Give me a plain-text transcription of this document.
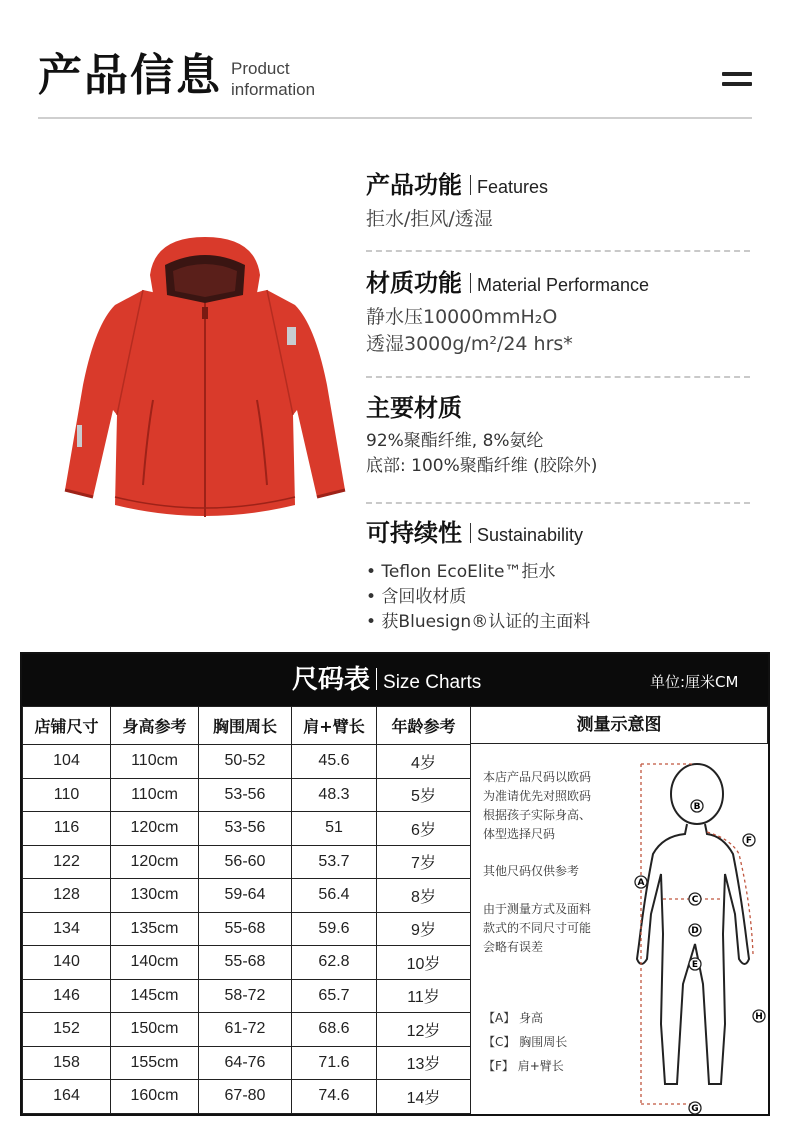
产品信息 Product
information
产品功能 Features
拒水/拒风/透湿
材质功能 Material Performance
静水压10000mmH₂O
透湿3000g/m²/24 hrs*
主要材质
92%聚酯纤维, 8%氨纶
底部: 100%聚酯纤维 (胶除外)
可持续性 Sustainability
• Teflon EcoElite™拒水
• 含回收材质
• 获Bluesign®认证的主面料
尺码表 Size Charts	单位:厘米CM
店铺尺寸	身高参考	胸围周长	肩+臂长	年龄参考
104	110cm	50-52	45.6	4岁
110	110cm	53-56	48.3	5岁
116	120cm	53-56	51	6岁
122	120cm	56-60	53.7	7岁
128	130cm	59-64	56.4	8岁
134	135cm	55-68	59.6	9岁
140	140cm	55-68	62.8	10岁
146	145cm	58-72	65.7	11岁
152	150cm	61-72	68.6	12岁
158	155cm	64-76	71.6	13岁
164	160cm	67-80	74.6	14岁
测量示意图
本店产品尺码以欧码
为准请优先对照欧码
根据孩子实际身高、
体型选择尺码
其他尺码仅供参考
由于测量方式及面料
款式的不同尺寸可能
会略有误差
【A】 身高
【C】 胸围周长
【F】 肩+臂长
A
B
C
D
E
F
G
H
